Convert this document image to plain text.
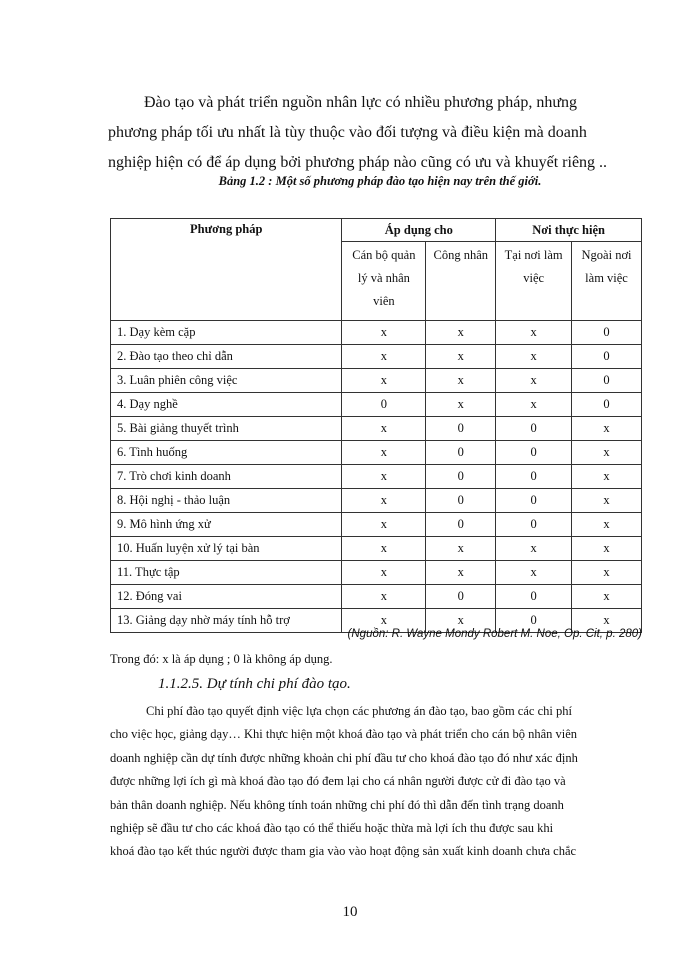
Đào tạo và phát triển nguồn nhân lực có nhiều phương pháp, nhưng
phương pháp tối ưu nhất là tùy thuộc vào đối tượng và điều kiện mà doanh
nghiệp hiện có để áp dụng bởi phương pháp nào cũng có ưu và khuyết riêng ..
Bảng 1.2 : Một số phương pháp đào tạo hiện nay trên thế giới.
Phương pháp	Áp dụng cho		Nơi thực hiện	
	Cán bộ quản lý và nhân viên	Công nhân	Tại nơi làm việc	Ngoài nơi làm việc
1. Dạy kèm cặp	x	x	x	0
2. Đào tạo theo chỉ dẫn	x	x	x	0
3. Luân phiên công việc	x	x	x	0
4. Dạy nghề	0	x	x	0
5. Bài giảng thuyết trình	x	0	0	x
6. Tình huống	x	0	0	x
7. Trò chơi kinh doanh	x	0	0	x
8. Hội nghị - thảo luận	x	0	0	x
9. Mô hình ứng xử	x	0	0	x
10. Huấn luyện xử lý tại bàn	x	x	x	x
11. Thực tập	x	x	x	x
12. Đóng vai	x	0	0	x
13. Giảng dạy nhờ máy tính hỗ trợ	x	x	0	x
(Nguồn: R. Wayne Mondy Robert M. Noe, Op. Cit, p. 280)
Trong đó: x là áp dụng ; 0 là không áp dụng.
1.1.2.5. Dự tính chi phí đào tạo.
Chi phí đào tạo quyết định việc lựa chọn các phương án đào tạo, bao gồm các chi phí
cho việc học, giảng dạy… Khi thực hiện một khoá đào tạo và phát triển cho cán bộ nhân viên
doanh nghiệp cần dự tính được những khoản chi phí đầu tư cho khoá đào tạo đó như xác định
được những lợi ích gì mà khoá đào tạo đó đem lại cho cá nhân người được cử đi đào tạo và
bản thân doanh nghiệp. Nếu không tính toán những chi phí đó thì dẫn đến tình trạng doanh
nghiệp sẽ đầu tư cho các khoá đào tạo có thể thiếu hoặc thừa mà lợi ích thu được sau khi
khoá đào tạo kết thúc người được tham gia vào vào hoạt động sản xuất kinh doanh chưa chắc
10
